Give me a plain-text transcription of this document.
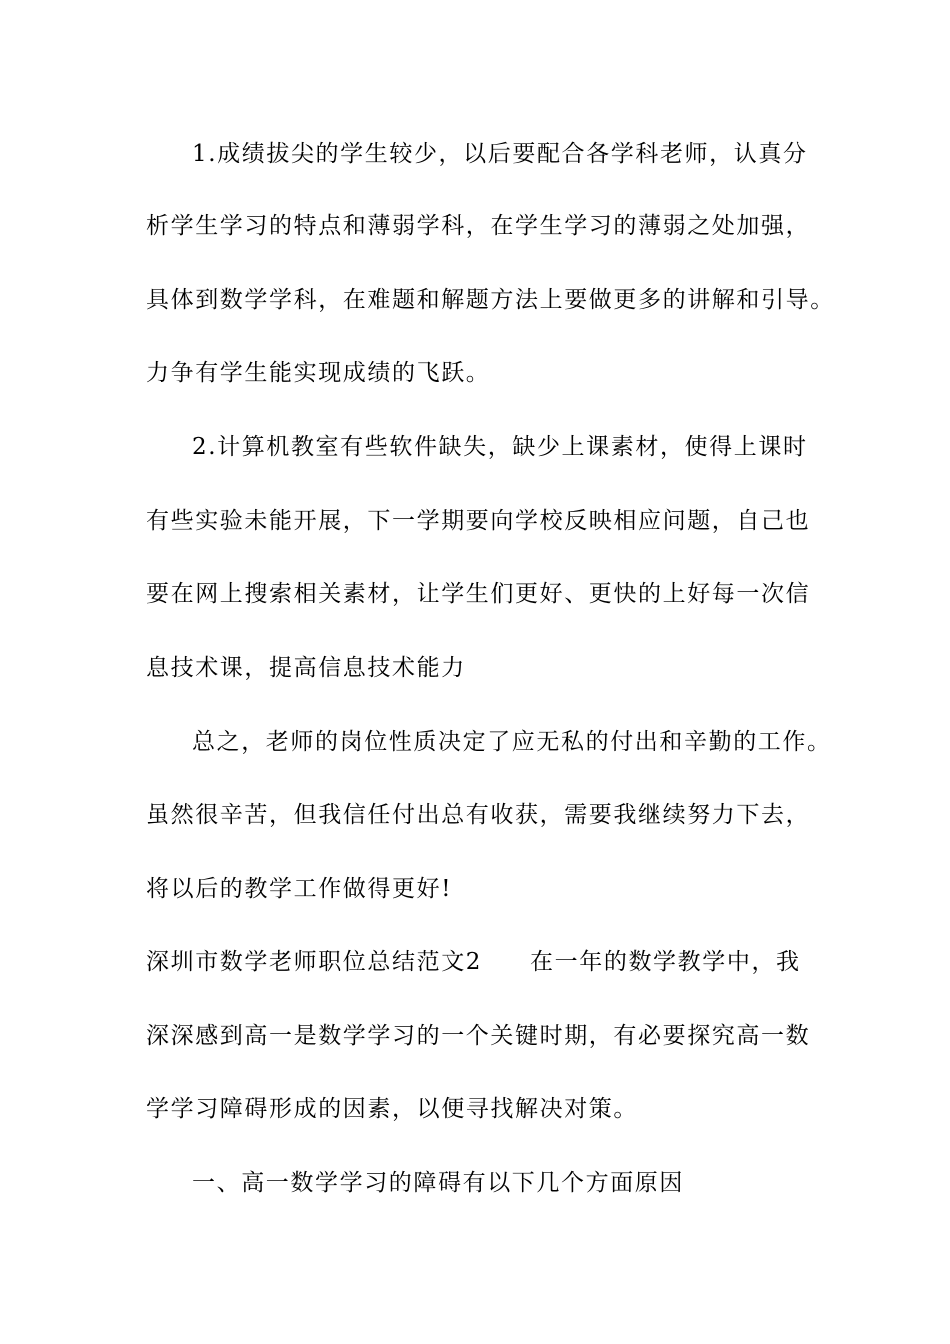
1.成绩拔尖的学生较少，以后要配合各学科老师，认真分
析学生学习的特点和薄弱学科，在学生学习的薄弱之处加强，
具体到数学学科，在难题和解题方法上要做更多的讲解和引导。
力争有学生能实现成绩的飞跃。
2.计算机教室有些软件缺失，缺少上课素材，使得上课时
有些实验未能开展，下一学期要向学校反映相应问题，自己也
要在网上搜索相关素材，让学生们更好、更快的上好每一次信
息技术课，提高信息技术能力
总之，老师的岗位性质决定了应无私的付出和辛勤的工作。
虽然很辛苦，但我信任付出总有收获，需要我继续努力下去，
将以后的教学工作做得更好!
深圳市数学老师职位总结范文2 在一年的数学教学中，我
深深感到高一是数学学习的一个关键时期，有必要探究高一数
学学习障碍形成的因素，以便寻找解决对策。
一、高一数学学习的障碍有以下几个方面原因
